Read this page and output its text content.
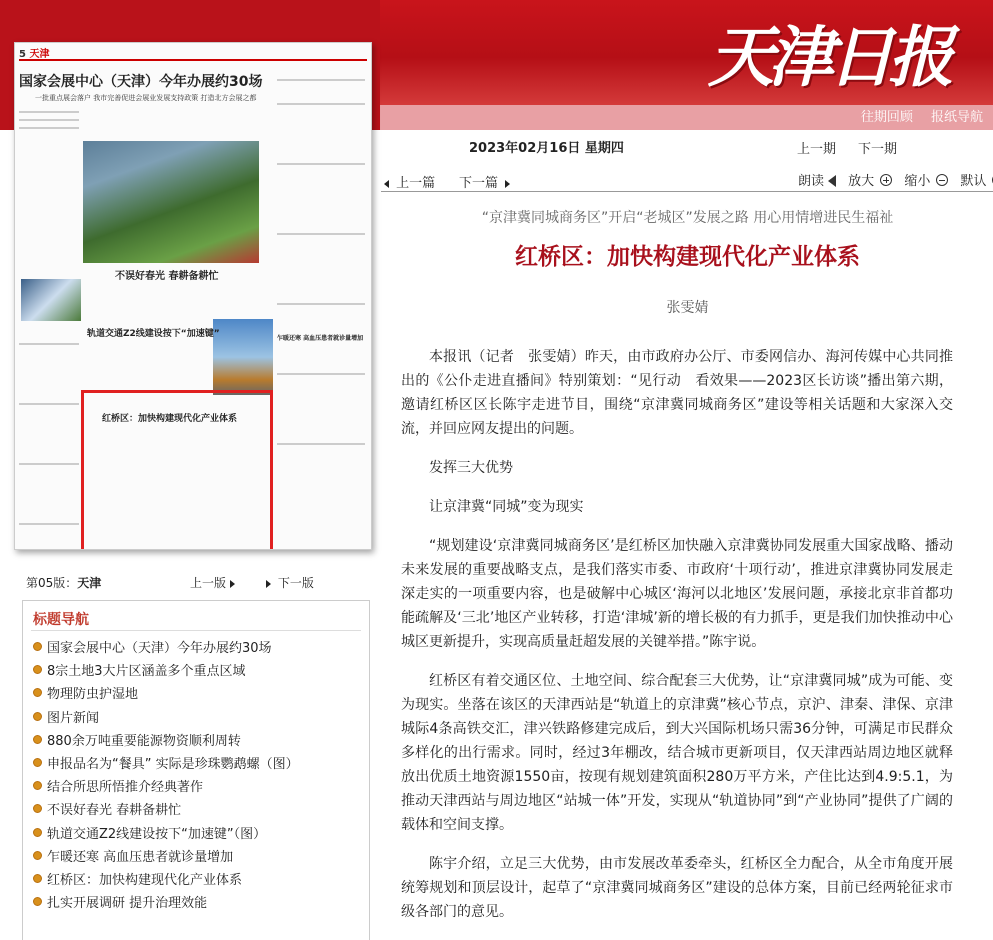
天津日报
往期回顾 报纸导航
5 天津
国家会展中心（天津）今年办展约30场
一批重点展会落户 我市完善促进会展业发展支持政策 打造北方会展之都
不误好春光 春耕备耕忙
轨道交通Z2线建设按下“加速键”	乍暖还寒 高血压患者就诊量增加
红桥区：加快构建现代化产业体系
第05版：天津	上一版	下一版
标题导航
国家会展中心（天津）今年办展约30场
8宗土地3大片区涵盖多个重点区域
物理防虫护湿地
图片新闻
880余万吨重要能源物资顺利周转
申报品名为“餐具” 实际是珍珠鹦鹉螺（图）
结合所思所悟推介经典著作
不误好春光 春耕备耕忙
轨道交通Z2线建设按下“加速键”（图）
乍暖还寒 高血压患者就诊量增加
红桥区：加快构建现代化产业体系
扎实开展调研 提升治理效能
2023年02月16日 星期四	上一期 下一期
上一篇 下一篇	朗读 放大 缩小 默认
“京津冀同城商务区”开启“老城区”发展之路 用心用情增进民生福祉
红桥区：加快构建现代化产业体系
张雯婧

本报讯（记者　张雯婧）昨天，由市政府办公厅、市委网信办、海河传媒中心共同推出的《公仆走进直播间》特别策划：“见行动　看效果——2023区长访谈”播出第六期，邀请红桥区区长陈宇走进节目，围绕“京津冀同城商务区”建设等相关话题和大家深入交流，并回应网友提出的问题。

发挥三大优势

让京津冀“同城”变为现实

“规划建设‘京津冀同城商务区’是红桥区加快融入京津冀协同发展重大国家战略、播动未来发展的重要战略支点，是我们落实市委、市政府‘十项行动’，推进京津冀协同发展走深走实的一项重要内容，也是破解中心城区‘海河以北地区’发展问题，承接北京非首都功能疏解及‘三北’地区产业转移，打造‘津城’新的增长极的有力抓手，更是我们加快推动中心城区更新提升，实现高质量赶超发展的关键举措。”陈宇说。

红桥区有着交通区位、土地空间、综合配套三大优势，让“京津冀同城”成为可能、变为现实。坐落在该区的天津西站是“轨道上的京津冀”核心节点，京沪、津秦、津保、京津城际4条高铁交汇，津兴铁路修建完成后，到大兴国际机场只需36分钟，可满足市民群众多样化的出行需求。同时，经过3年棚改，结合城市更新项目，仅天津西站周边地区就释放出优质土地资源1550亩，按现有规划建筑面积280万平方米，产住比达到4.9:5.1，为推动天津西站与周边地区“站城一体”开发，实现从“轨道协同”到“产业协同”提供了广阔的载体和空间支撑。

陈宇介绍，立足三大优势，由市发展改革委牵头，红桥区全力配合，从全市角度开展统筹规划和顶层设计，起草了“京津冀同城商务区”建设的总体方案，目前已经两轮征求市级各部门的意见。
